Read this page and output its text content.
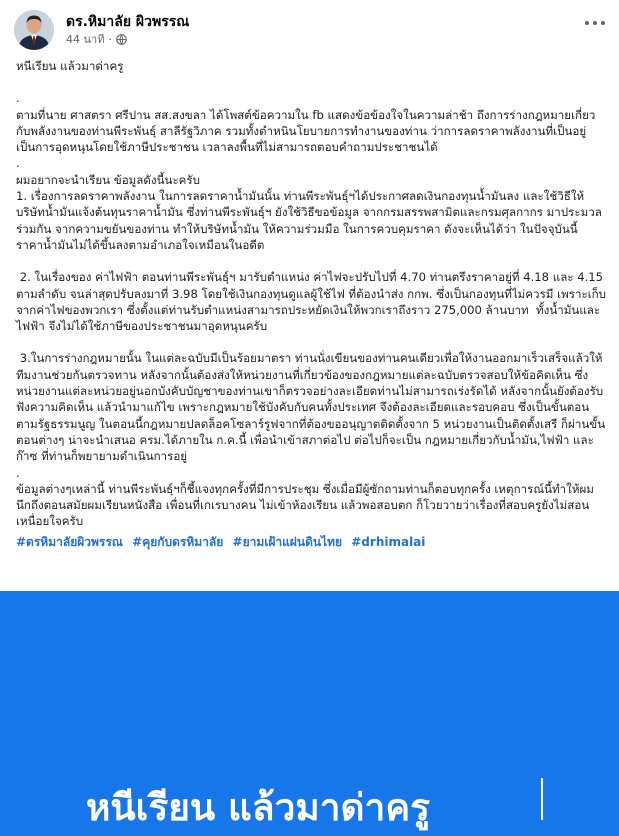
ดร.หิมาลัย ผิวพรรณ
44 นาที ·

หนีเรียน แล้วมาด่าครู

.

ตามที่นาย ศาสตรา ศรีปาน สส.สงขลา ได้โพสต์ข้อความใน fb แสดงข้อข้องใจในความล่าช้า ถึงการร่างกฎหมายเกี่ยวกับพลังงานของท่านพีระพันธุ์ สาลีรัฐวิภาค รวมทั้งตำหนินโยบายการทำงานของท่าน ว่าการลดราคาพลังงานที่เป็นอยู่ เป็นการอุดหนุนโดยใช้ภาษีประชาชน เวลาลงพื้นที่ไม่สามารถตอบคำถามประชาชนได้

.

ผมอยากจะนำเรียน ข้อมูลดังนี้นะครับ

1. เรื่องการลดราคาพลังงาน ในการลดราคาน้ำมันนั้น ท่านพีระพันธุ์ฯได้ประกาศลดเงินกองทุนน้ำมันลง และใช้วิธีให้บริษัทน้ำมันแจ้งต้นทุนราคาน้ำมัน ซึ่งท่านพีระพันธุ์ฯ ยังใช้วิธีขอข้อมูล จากกรมสรรพสามิตและกรมศุลกากร มาประมวลร่วมกัน จากความขยันของท่าน ทำให้บริษัทน้ำมัน ให้ความร่วมมือ ในการควบคุมราคา ดังจะเห็นได้ว่า ในปัจจุบันนี้ ราคาน้ำมันไม่ได้ขึ้นลงตามอำเภอใจเหมือนในอดีต

2. ในเรื่องของ ค่าไฟฟ้า ตอนท่านพีระพันธุ์ฯ มารับตำแหน่ง ค่าไฟจะปรับไปที่ 4.70 ท่านตรึงราคาอยู่ที่ 4.18 และ 4.15 ตามลำดับ จนล่าสุดปรับลงมาที่ 3.98 โดยใช้เงินกองทุนดูแลผู้ใช้ไฟ ที่ต้องนำส่ง กกพ. ซึ่งเป็นกองทุนที่ไม่ควรมี เพราะเก็บจากค่าไฟของพวกเรา ซึ่งตั้งแต่ท่านรับตำแหน่งสามารถประหยัดเงินให้พวกเราถึงราว 275,000 ล้านบาท  ทั้งน้ำมันและไฟฟ้า จึงไม่ได้ใช้ภาษีของประชาชนมาอุดหนุนครับ

3.ในการร่างกฎหมายนั้น ในแต่ละฉบับมีเป็นร้อยมาตรา ท่านนั่งเขียนของท่านคนเดียวเพื่อให้งานออกมาเร็วเสร็จแล้วให้ทีมงานช่วยกันตรวจทาน หลังจากนั้นต้องส่งให้หน่วยงานที่เกี่ยวข้องของกฎหมายแต่ละฉบับตรวจสอบให้ข้อคิดเห็น ซึ่งหน่วยงานแต่ละหน่วยอยู่นอกบังคับบัญชาของท่านเขาก็ตรวจอย่างละเอียดท่านไม่สามารถเร่งรัดได้ หลังจากนั้นยังต้องรับฟังความคิดเห็น แล้วนำมาแก้ไข เพราะกฎหมายใช้บังคับกับคนทั้งประเทศ จึงต้องละเอียดและรอบคอบ ซึ่งเป็นขั้นตอนตามรัฐธรรมนูญ ในตอนนี้กฎหมายปลดล็อคโซลาร์รูฟจากที่ต้องขออนุญาตติดตั้งจาก 5 หน่วยงานเป็นติดตั้งเสรี ก็ผ่านขั้นตอนต่างๆ น่าจะนำเสนอ ครม.ได้ภายใน ก.ค.นี้ เพื่อนำเข้าสภาต่อไป ต่อไปก็จะเป็น กฎหมายเกี่ยวกับน้ำมัน,ไฟฟ้า และก๊าซ ที่ท่านก็พยายามดำเนินการอยู่

.

ข้อมูลต่างๆเหล่านี้ ท่านพีระพันธุ์ฯก็ชี้แจงทุกครั้งที่มีการประชุม ซึ่งเมื่อมีผู้ซักถามท่านก็ตอบทุกครั้ง เหตุการณ์นี้ทำให้ผมนึกถึงตอนสมัยผมเรียนหนังสือ เพื่อนที่เกเรบางคน ไม่เข้าห้องเรียน แล้วพอสอบตก ก็โวยวายว่าเรื่องที่สอบครูยังไม่สอน เหนื่อยใจครับ

#ดรหิมาลัยผิวพรรณ #คุยกับดรหิมาลัย #ยามเฝ้าแผ่นดินไทย #drhimalai
หนีเรียน แล้วมาด่าครู
